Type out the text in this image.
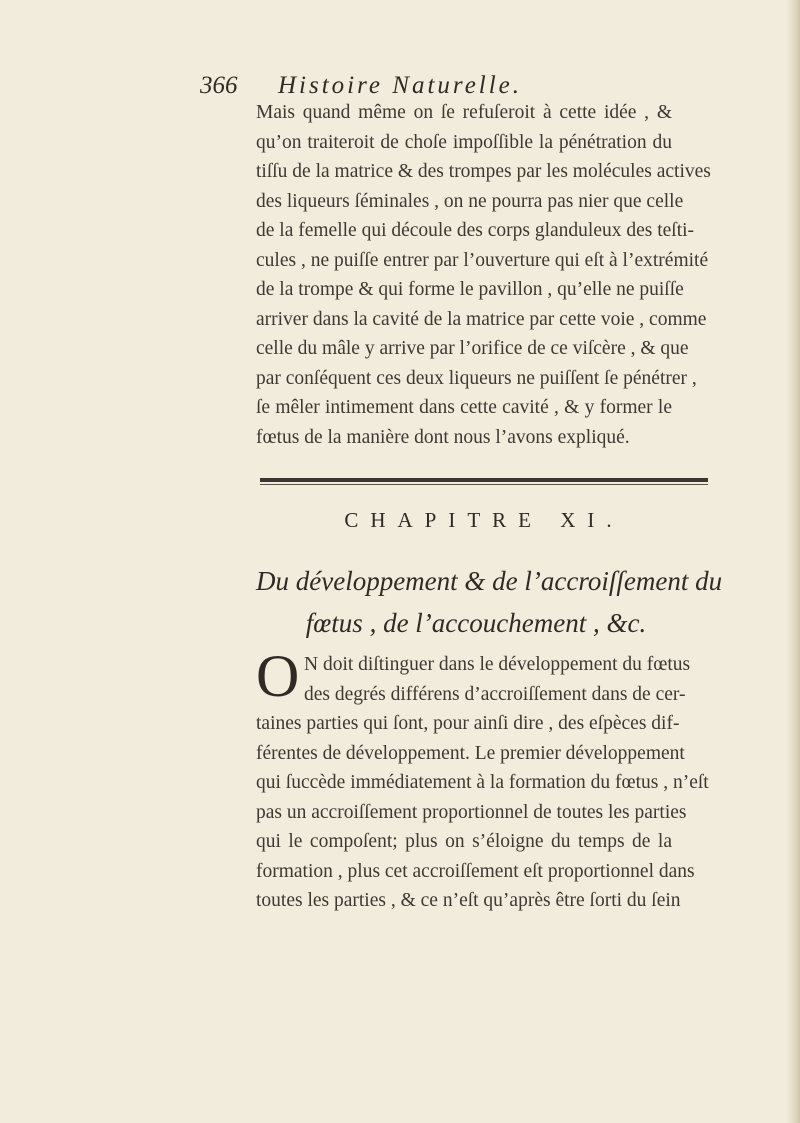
366 Histoire Naturelle.
Mais quand même on ſe refuſeroit à cette idée , &
qu’on traiteroit de choſe impoſſible la pénétration du
tiſſu de la matrice & des trompes par les molécules actives
des liqueurs ſéminales , on ne pourra pas nier que celle
de la femelle qui découle des corps glanduleux des teſti-
cules , ne puiſſe entrer par l’ouverture qui eſt à l’extrémité
de la trompe & qui forme le pavillon , qu’elle ne puiſſe
arriver dans la cavité de la matrice par cette voie , comme
celle du mâle y arrive par l’orifice de ce viſcère , & que
par conſéquent ces deux liqueurs ne puiſſent ſe pénétrer ,
ſe mêler intimement dans cette cavité , & y former le
fœtus de la manière dont nous l’avons expliqué.
CHAPITRE XI.
Du développement & de l’accroiſſement du
fœtus , de l’accouchement , &c.
O N doit diſtinguer dans le développement du fœtus
des degrés différens d’accroiſſement dans de cer-
taines parties qui ſont, pour ainſi dire , des eſpèces dif-
férentes de développement. Le premier développement
qui ſuccède immédiatement à la formation du fœtus , n’eſt
pas un accroiſſement proportionnel de toutes les parties
qui le compoſent; plus on s’éloigne du temps de la
formation , plus cet accroiſſement eſt proportionnel dans
toutes les parties , & ce n’eſt qu’après être ſorti du ſein
